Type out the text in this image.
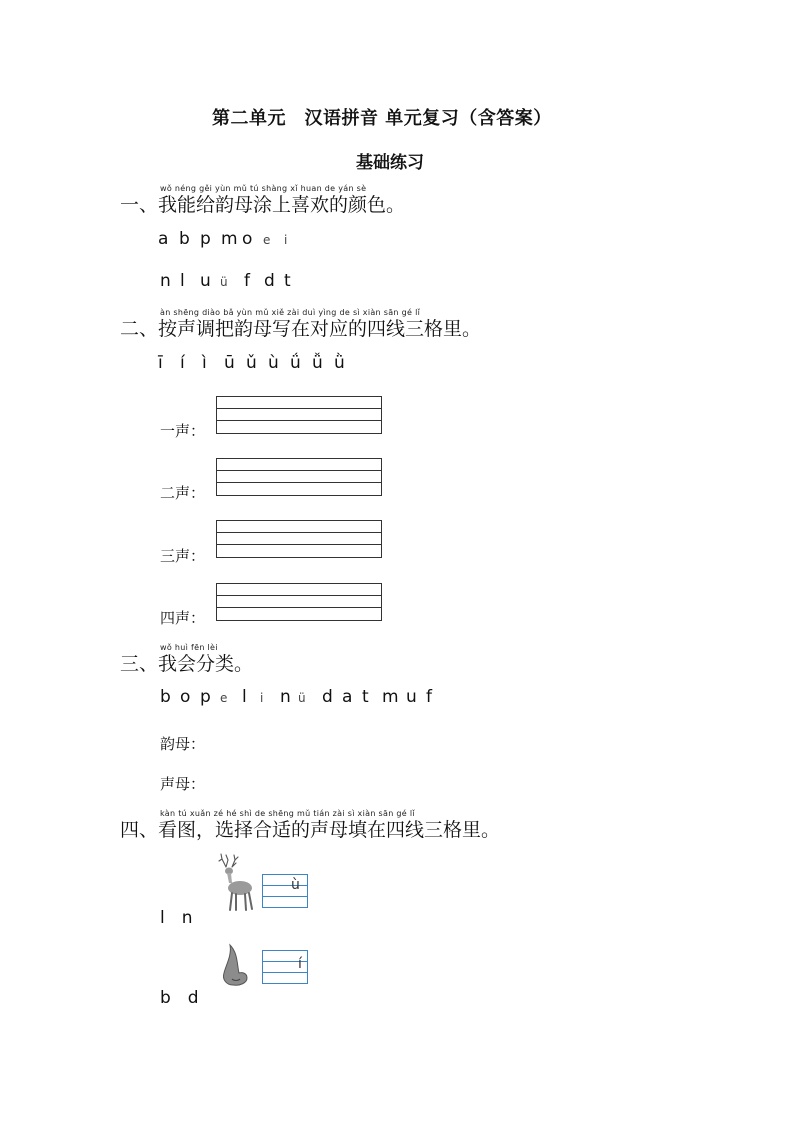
第二单元　汉语拼音 单元复习（含答案）
基础练习
wǒ néng gěi yùn mǔ tú shàng xǐ huan de yán sè
一、我能给韵母涂上喜欢的颜色。
a b p m o e	i
n l u ü f d t
àn shēng diào bǎ yùn mǔ xiě zài duì yìng de sì xiàn sān gé lǐ
二、按声调把韵母写在对应的四线三格里。
ī	í	ì	ū ǔ ù ǘ ǚ ǜ
一声：
二声：
三声：
四声：
wǒ huì fēn lèi
三、我会分类。
b o p e l	i n ü d a t m u f
韵母：
声母：
kàn tú xuǎn zé hé shì de shēng mǔ tián zài sì xiàn sān gé lǐ
四、看图，选择合适的声母填在四线三格里。
l　n
ù
b　d
í
